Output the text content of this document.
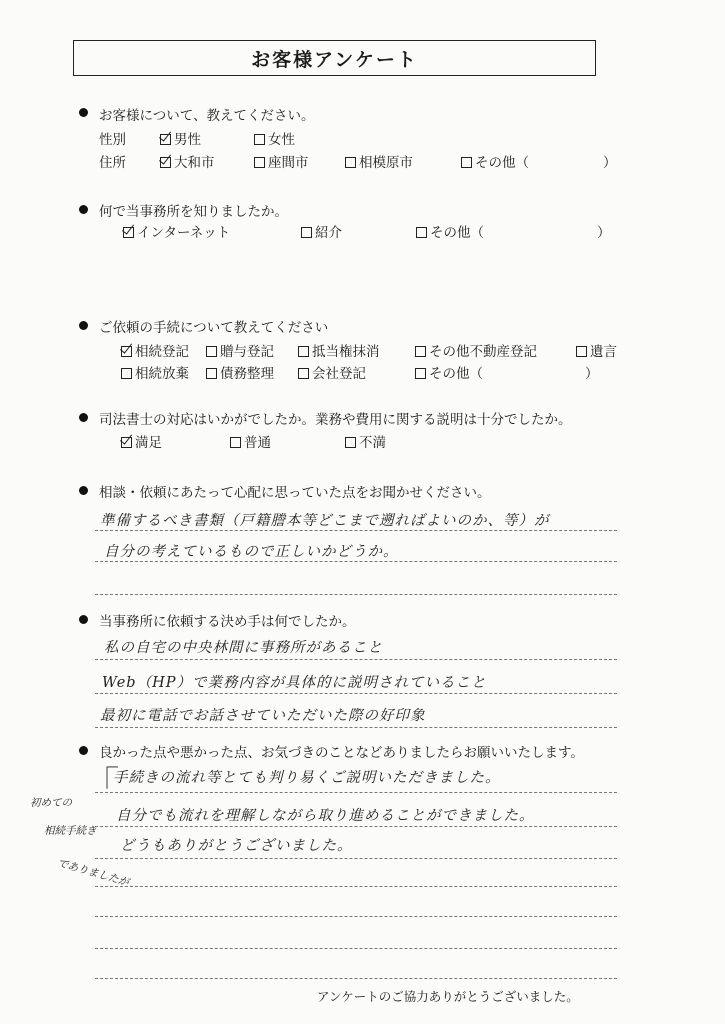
お客様アンケート
お客様について、教えてください。
性別	男性	女性
住所	大和市	座間市	相模原市	その他（	）
何で当事務所を知りましたか。
インターネット	紹介	その他（	）
ご依頼の手続について教えてください
相続登記	贈与登記	抵当権抹消	その他不動産登記	遺言
相続放棄	債務整理	会社登記	その他（	）
司法書士の対応はいかがでしたか。業務や費用に関する説明は十分でしたか。
満足	普通	不満
相談・依頼にあたって心配に思っていた点をお聞かせください。
準備するべき書類（戸籍謄本等どこまで遡ればよいのか、等）が
自分の考えているもので正しいかどうか。
当事務所に依頼する決め手は何でしたか。
私の自宅の中央林間に事務所があること
Web（HP）で業務内容が具体的に説明されていること
最初に電話でお話させていただいた際の好印象
良かった点や悪かった点、お気づきのことなどありましたらお願いいたします。
⎾
手続きの流れ等とても判り易くご説明いただきました。
自分でも流れを理解しながら取り進めることができました。
どうもありがとうございました。
初めての
相続手続き
でありましたが
アンケートのご協力ありがとうございました。
